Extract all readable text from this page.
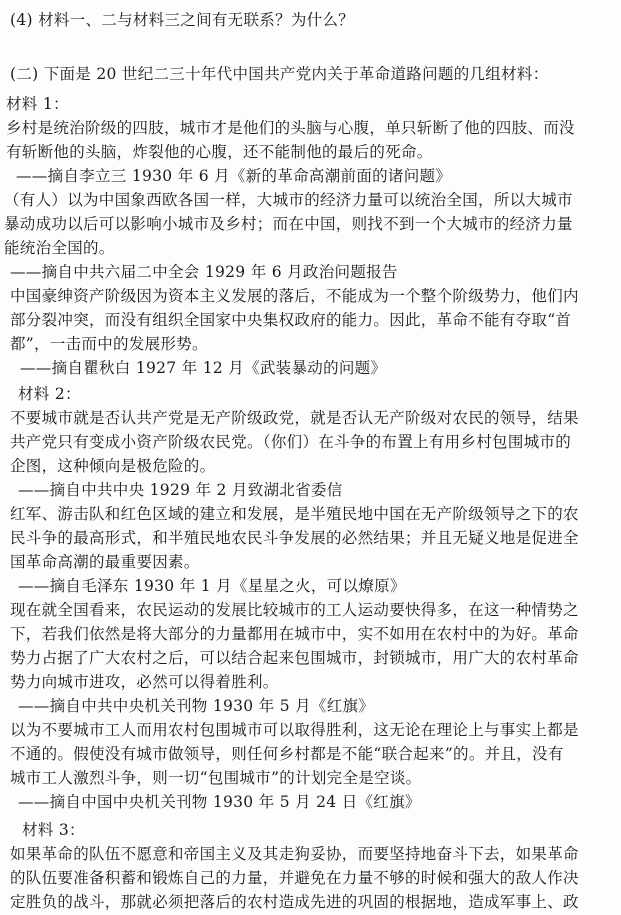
(4) 材料一、二与材料三之间有无联系？为什么？
(二) 下面是 20 世纪二三十年代中国共产党内关于革命道路问题的几组材料：
材料 1：
乡村是统治阶级的四肢，城市才是他们的头脑与心腹，单只斩断了他的四肢、而没
有斩断他的头脑，炸裂他的心腹，还不能制他的最后的死命。
——摘自李立三 1930 年 6 月《新的革命高潮前面的诸问题》
（有人）以为中国象西欧各国一样，大城市的经济力量可以统治全国，所以大城市
暴动成功以后可以影响小城市及乡村；而在中国，则找不到一个大城市的经济力量
能统治全国的。
——摘自中共六届二中全会 1929 年 6 月政治问题报告
中国豪绅资产阶级因为资本主义发展的落后，不能成为一个整个阶级势力，他们内
部分裂冲突，而没有组织全国家中央集权政府的能力。因此，革命不能有夺取“首
都”，一击而中的发展形势。
——摘自瞿秋白 1927 年 12 月《武装暴动的问题》
材料 2：
不要城市就是否认共产党是无产阶级政党，就是否认无产阶级对农民的领导，结果
共产党只有变成小资产阶级农民党。（你们）在斗争的布置上有用乡村包围城市的
企图，这种倾向是极危险的。
——摘自中共中央 1929 年 2 月致湖北省委信
红军、游击队和红色区域的建立和发展，是半殖民地中国在无产阶级领导之下的农
民斗争的最高形式，和半殖民地农民斗争发展的必然结果；并且无疑义地是促进全
国革命高潮的最重要因素。
——摘自毛泽东 1930 年 1 月《星星之火，可以燎原》
现在就全国看来，农民运动的发展比较城市的工人运动要快得多，在这一种情势之
下，若我们依然是将大部分的力量都用在城市中，实不如用在农村中的为好。革命
势力占据了广大农村之后，可以结合起来包围城市，封锁城市，用广大的农村革命
势力向城市进攻，必然可以得着胜利。
——摘自中共中央机关刊物 1930 年 5 月《红旗》
以为不要城市工人而用农村包围城市可以取得胜利，这无论在理论上与事实上都是
不通的。假使没有城市做领导，则任何乡村都是不能“联合起来”的。并且，没有
城市工人激烈斗争，则一切“包围城市”的计划完全是空谈。
——摘自中国中央机关刊物 1930 年 5 月 24 日《红旗》
材料 3：
如果革命的队伍不愿意和帝国主义及其走狗妥协，而要坚持地奋斗下去，如果革命
的队伍要准备积蓄和锻炼自己的力量，并避免在力量不够的时候和强大的敌人作决
定胜负的战斗，那就必须把落后的农村造成先进的巩固的根据地，造成军事上、政
